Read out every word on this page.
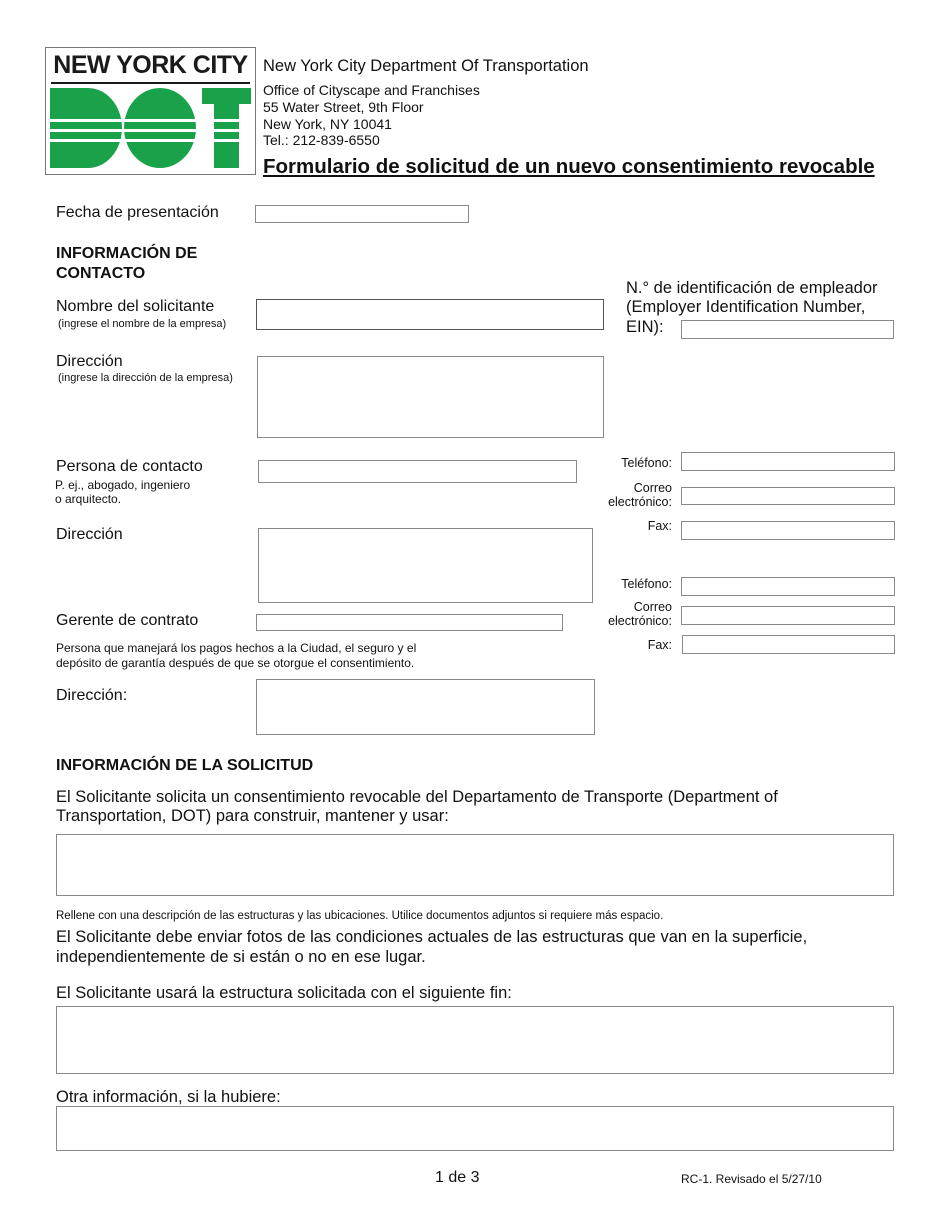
NEW YORK CITY
DOT
New York City Department Of Transportation
Office of Cityscape and Franchises
55 Water Street, 9th Floor
New York, NY 10041
Tel.: 212-839-6550
Formulario de solicitud de un nuevo consentimiento revocable
Fecha de presentación
INFORMACIÓN DE
CONTACTO
N.° de identificación de empleador
(Employer Identification Number,
EIN):
Nombre del solicitante
(ingrese el nombre de la empresa)
Dirección
(ingrese la dirección de la empresa)
Persona de contacto
P. ej., abogado, ingeniero
o arquitecto.
Teléfono:
Correo
electrónico:
Fax:
Dirección
Teléfono:
Correo
electrónico:
Fax:
Gerente de contrato
Persona que manejará los pagos hechos a la Ciudad, el seguro y el
depósito de garantía después de que se otorgue el consentimiento.
Dirección:
INFORMACIÓN DE LA SOLICITUD
El Solicitante solicita un consentimiento revocable del Departamento de Transporte (Department of
Transportation, DOT) para construir, mantener y usar:
Rellene con una descripción de las estructuras y las ubicaciones. Utilice documentos adjuntos si requiere más espacio.
El Solicitante debe enviar fotos de las condiciones actuales de las estructuras que van en la superficie,
independientemente de si están o no en ese lugar.
El Solicitante usará la estructura solicitada con el siguiente fin:
Otra información, si la hubiere:
1 de 3	RC-1. Revisado el 5/27/10
